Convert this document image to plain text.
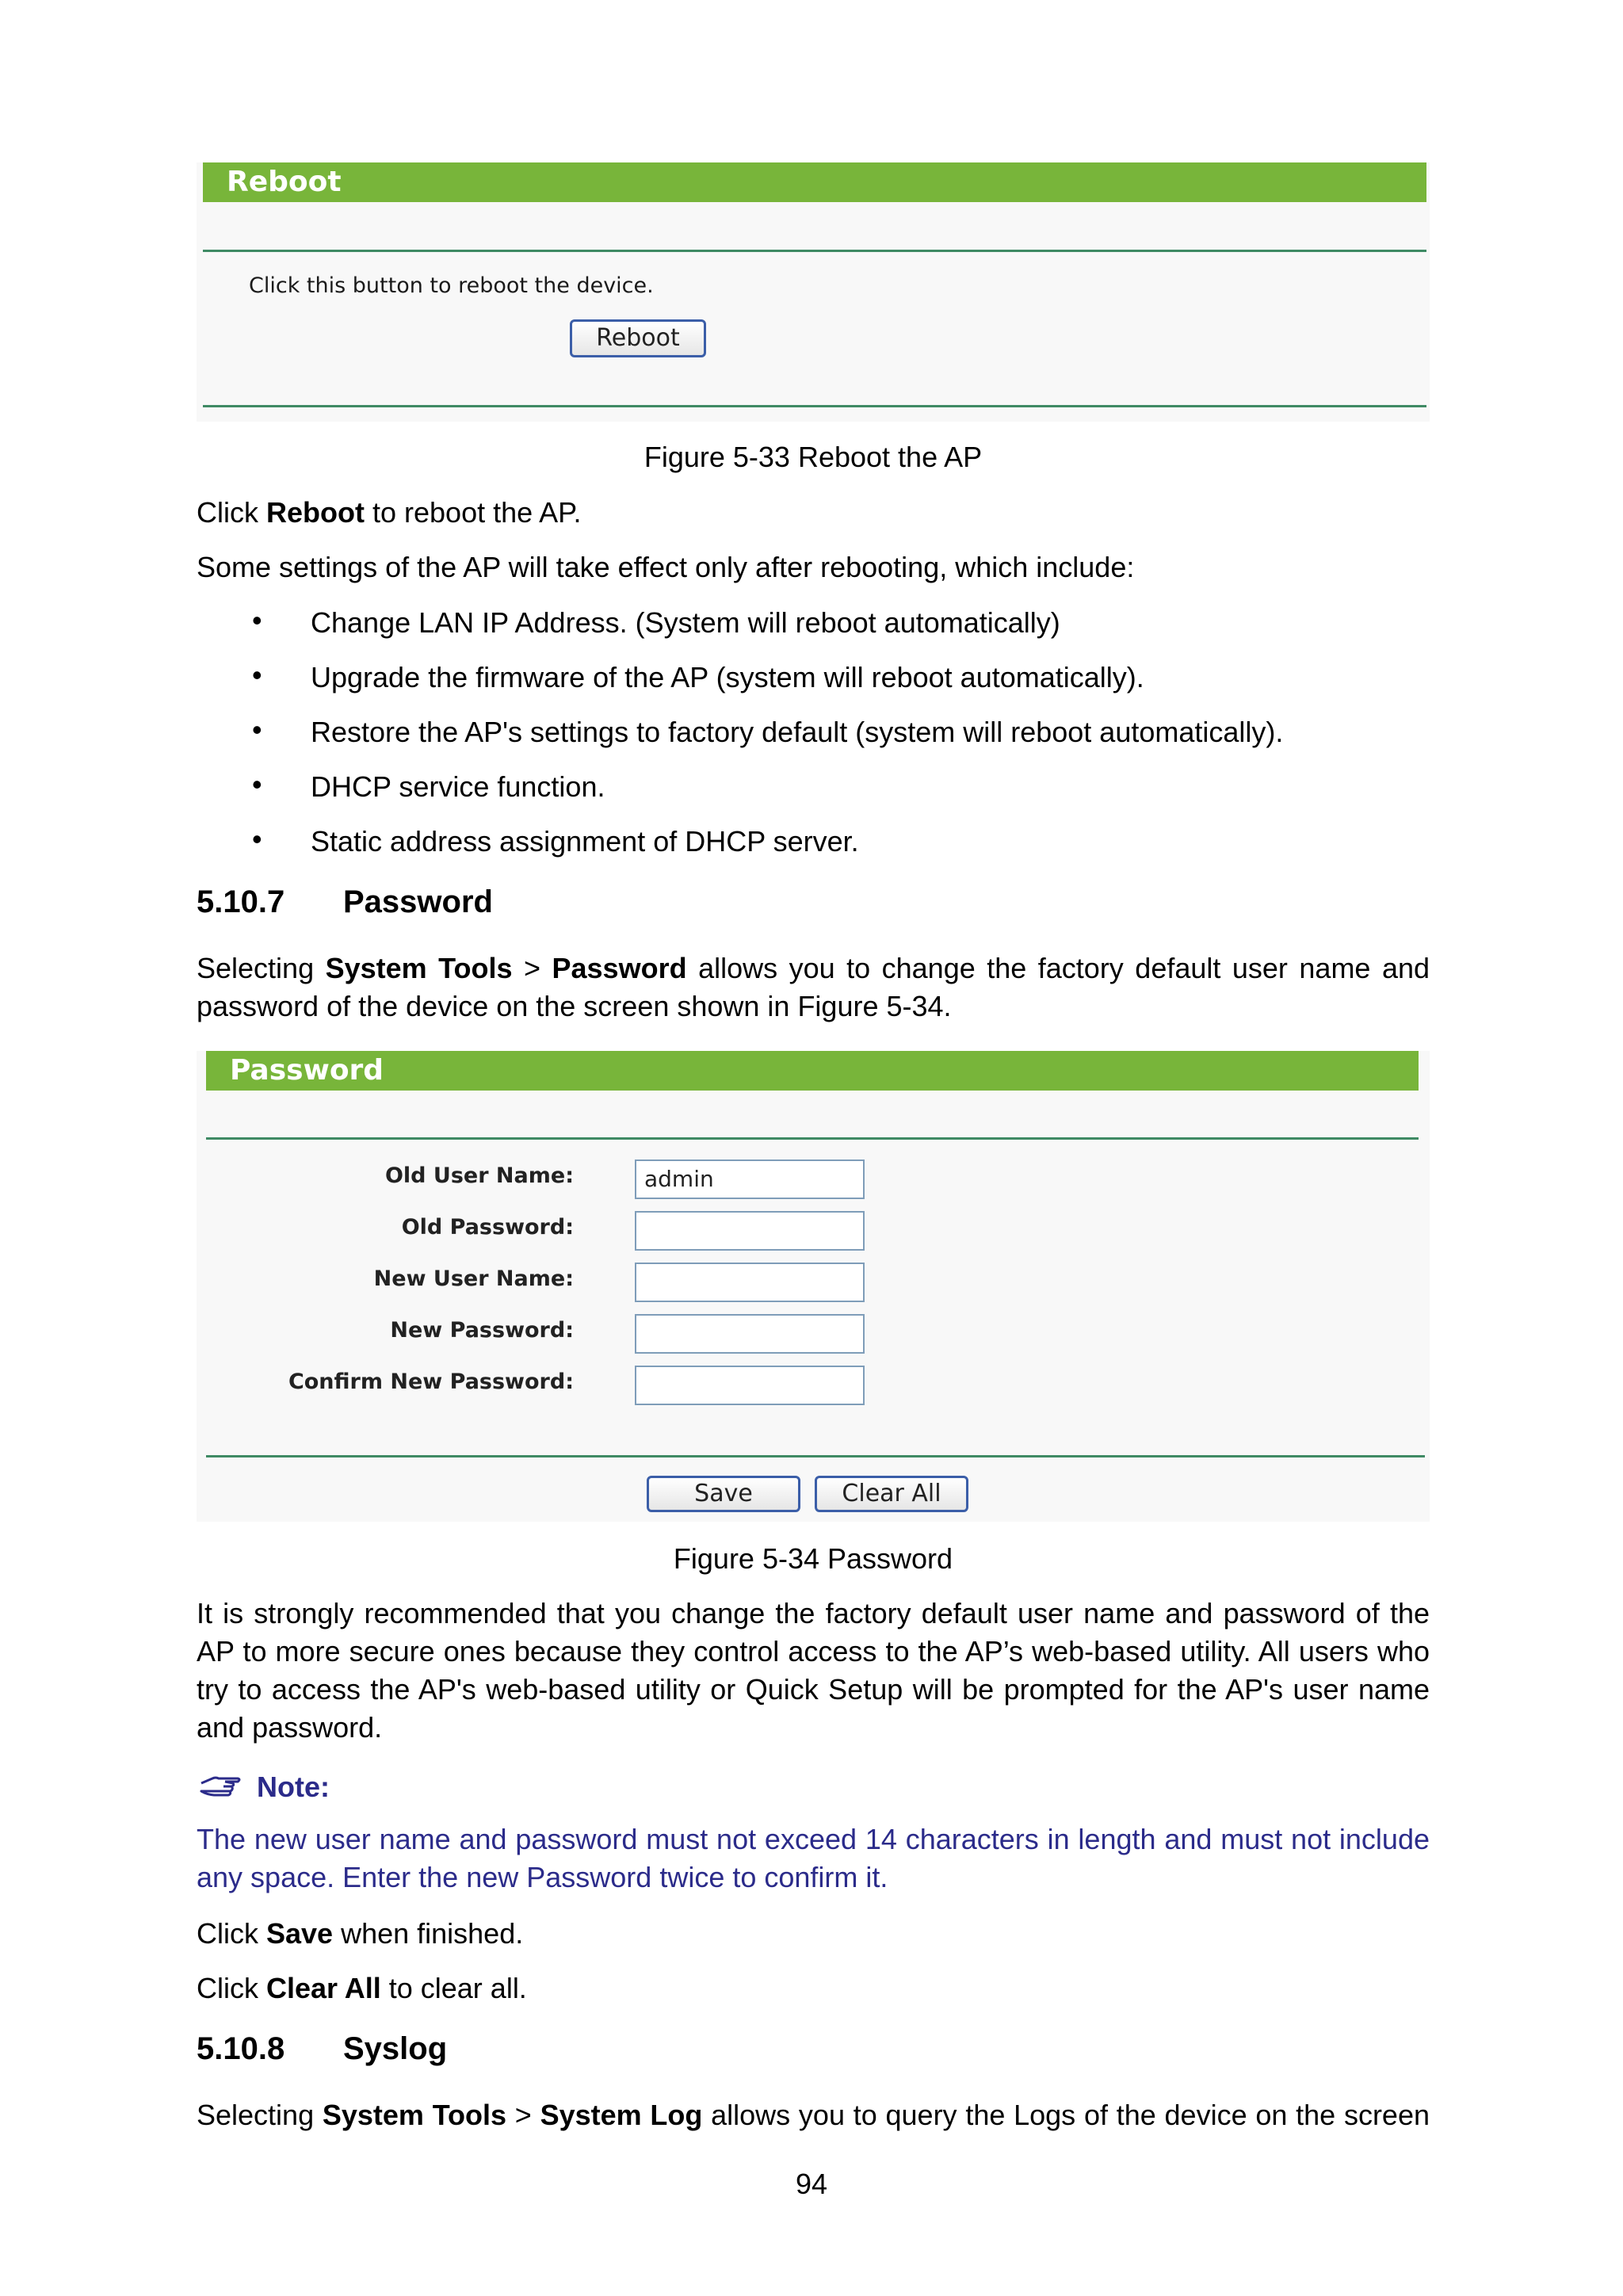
Reboot
Click this button to reboot the device.
Reboot
Figure 5-33 Reboot the AP
Click Reboot to reboot the AP.
Some settings of the AP will take effect only after rebooting, which include:
• Change LAN IP Address. (System will reboot automatically)
• Upgrade the firmware of the AP (system will reboot automatically).
• Restore the AP's settings to factory default (system will reboot automatically).
• DHCP service function.
• Static address assignment of DHCP server.
5.10.7 Password
Selecting System Tools > Password allows you to change the factory default user name and
password of the device on the screen shown in Figure 5-34.
Password
Old User Name:	admin
Old Password:
New User Name:
New Password:
Confirm New Password:
Save	Clear All
Figure 5-34 Password
It is strongly recommended that you change the factory default user name and password of the
AP to more secure ones because they control access to the AP’s web-based utility. All users who
try to access the AP's web-based utility or Quick Setup will be prompted for the AP's user name
and password.
Note:
The new user name and password must not exceed 14 characters in length and must not include
any space. Enter the new Password twice to confirm it.
Click Save when finished.
Click Clear All to clear all.
5.10.8 Syslog
Selecting System Tools > System Log allows you to query the Logs of the device on the screen
94
